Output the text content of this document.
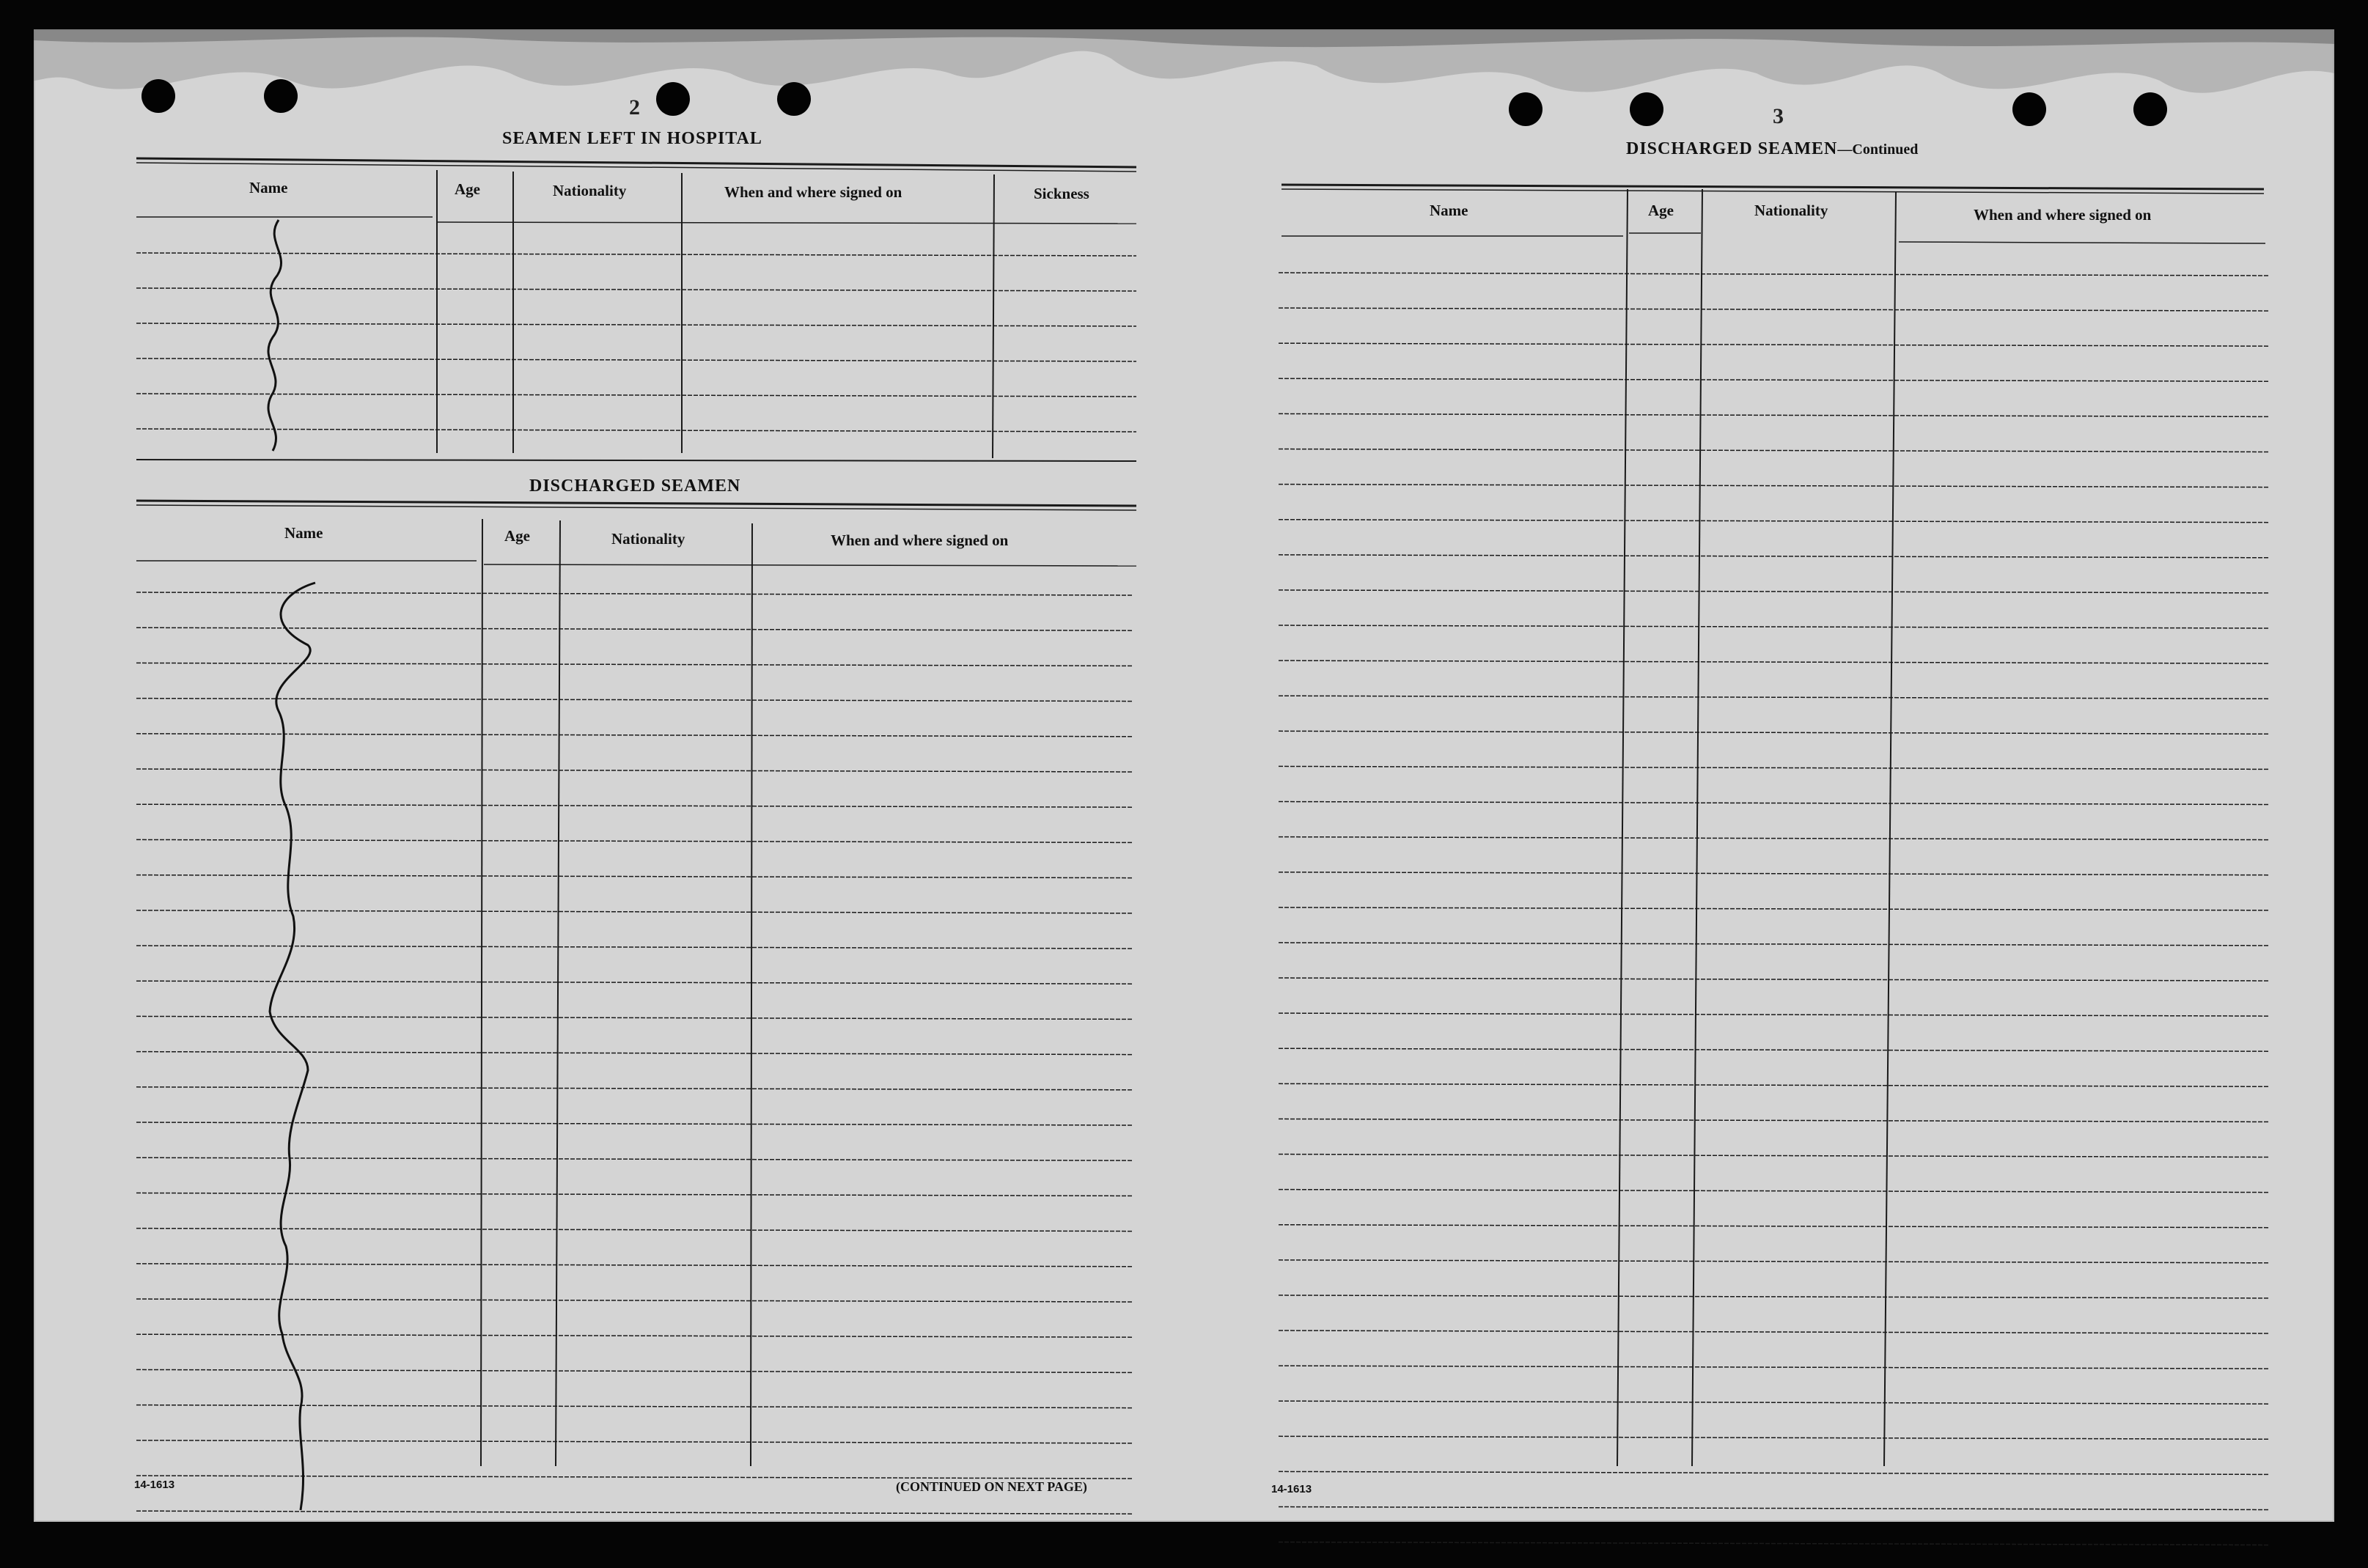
2	3
SEAMEN LEFT IN HOSPITAL
Name	Age	Nationality	When and where signed on	Sickness
DISCHARGED SEAMEN
Name	Age	Nationality	When and where signed on
14-1613	(CONTINUED ON NEXT PAGE)
DISCHARGED SEAMEN—Continued
Name	Age	Nationality	When and where signed on
14-1613
